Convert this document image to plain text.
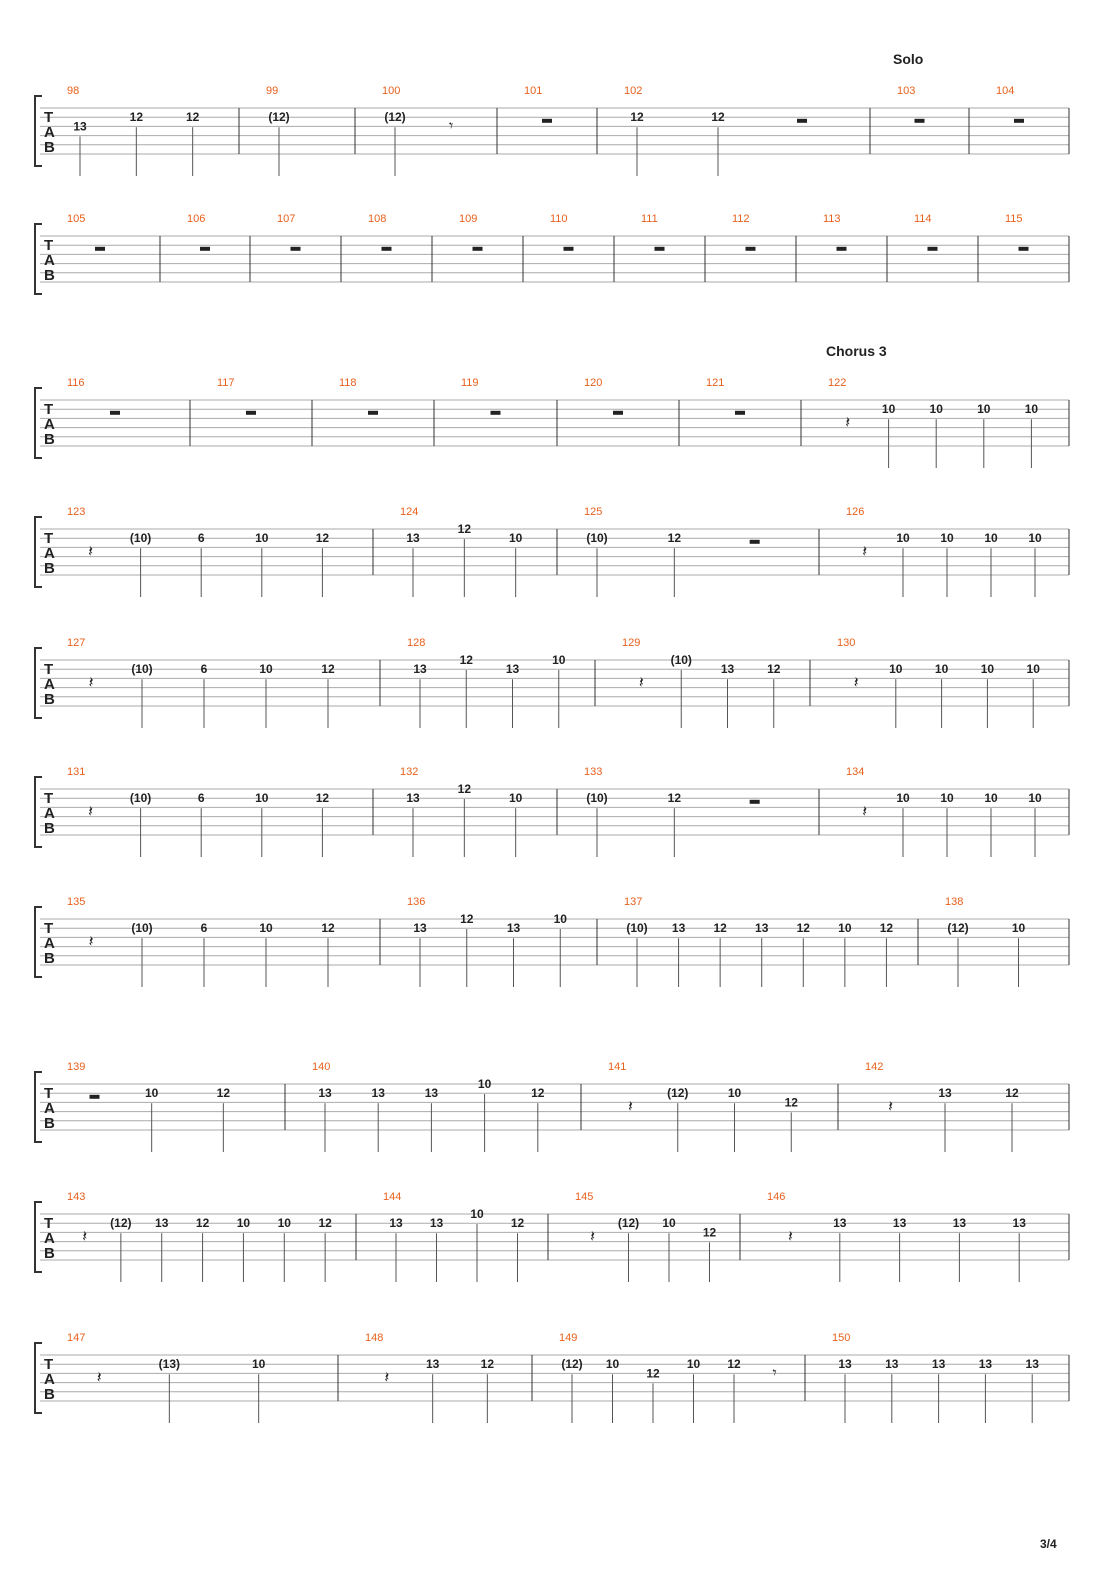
T
A
B
Solo
98
13
12	12
99
(12)
100
(12)	𝄾
101	102
12	12
103	104
T
A
B
105	106	107	108	109	110	111	112	113	114	115
T
A
B
Chorus 3
116	117	118	119	120	121	122
𝄽
10	10	10	10
T
A
B
123
𝄽
(10)	6	10	12
124
13
12
10
125
(10)	12
126
𝄽
10	10	10	10
T
A
B
127
𝄽
(10)	6	10	12
128
13
12
13
10
129
𝄽
(10)
13	12
130
𝄽
10	10	10	10
T
A
B
131
𝄽
(10)	6	10	12
132
13
12
10
133
(10)	12
134
𝄽
10	10	10	10
T
A
B
135
𝄽
(10)	6	10	12
136
13
12
13
10
137
(10) 13 12 13 12 10 12
138
(12)	10
T
A
B
139
10	12
140
13	13	13
10
12
141
𝄽
(12)	10
12
142
𝄽
13	12
T
A
B
143
𝄽
(12) 13 12 10 10 12
144
13 13
10
12
145
𝄽
(12) 10
12
146
𝄽
13	13	13	13
T
A
B
147
𝄽
(13)	10
148
𝄽
13	12
149
(12) 10
12
10 12 𝄾
150
13	13	13	13	13
3/4
